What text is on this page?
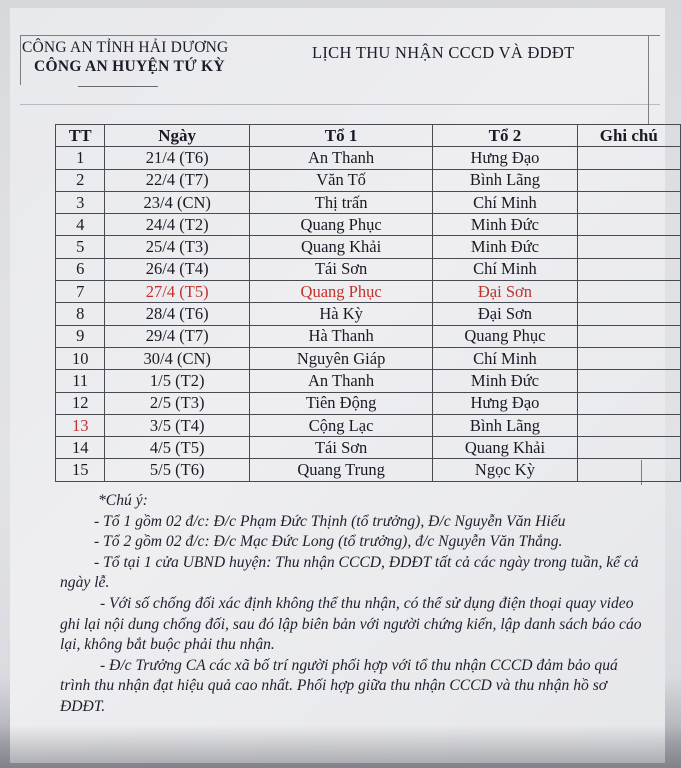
CÔNG AN TỈNH HẢI DƯƠNG
CÔNG AN HUYỆN TỨ KỲ
LỊCH THU NHẬN CCCD VÀ ĐDĐT
TT	Ngày	Tổ 1	Tổ 2	Ghi chú
1	21/4 (T6)	An Thanh	Hưng Đạo	
2	22/4 (T7)	Văn Tố	Bình Lãng	
3	23/4 (CN)	Thị trấn	Chí Minh	
4	24/4 (T2)	Quang Phục	Minh Đức	
5	25/4 (T3)	Quang Khải	Minh Đức	
6	26/4 (T4)	Tái Sơn	Chí Minh	
7	27/4 (T5)	Quang Phục	Đại Sơn	
8	28/4 (T6)	Hà Kỳ	Đại Sơn	
9	29/4 (T7)	Hà Thanh	Quang Phục	
10	30/4 (CN)	Nguyên Giáp	Chí Minh	
11	1/5 (T2)	An Thanh	Minh Đức	
12	2/5 (T3)	Tiên Động	Hưng Đạo	
13	3/5 (T4)	Cộng Lạc	Bình Lãng	
14	4/5 (T5)	Tái Sơn	Quang Khải	
15	5/5 (T6)	Quang Trung	Ngọc Kỳ	

*Chú ý:

- Tổ 1 gồm 02 đ/c: Đ/c Phạm Đức Thịnh (tổ trưởng), Đ/c Nguyễn Văn Hiếu

- Tổ 2 gồm 02 đ/c: Đ/c Mạc Đức Long (tổ trưởng), đ/c Nguyễn Văn Thắng.

- Tổ tại 1 cửa UBND huyện: Thu nhận CCCD, ĐDĐT tất cả các ngày trong tuần, kể cả ngày lễ.

- Với số chống đối xác định không thể thu nhận, có thể sử dụng điện thoại quay video ghi lại nội dung chống đối, sau đó lập biên bản với người chứng kiến, lập danh sách báo cáo lại, không bắt buộc phải thu nhận.

- Đ/c Trưởng CA các xã bố trí người phối hợp với tổ thu nhận CCCD đảm bảo quá trình thu nhận đạt hiệu quả cao nhất. Phối hợp giữa thu nhận CCCD và thu nhận hồ sơ ĐDĐT.
